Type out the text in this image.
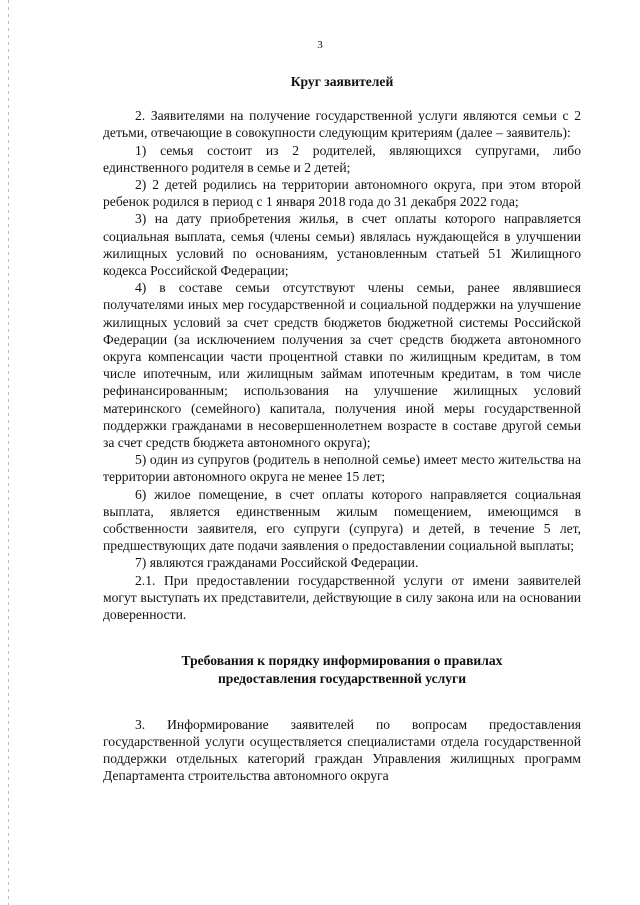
3
Круг заявителей

2. Заявителями на получение государственной услуги являются семьи с 2 детьми, отвечающие в совокупности следующим критериям (далее – заявитель):

1) семья состоит из 2 родителей, являющихся супругами, либо единственного родителя в семье и 2 детей;

2) 2 детей родились на территории автономного округа, при этом второй ребенок родился в период с 1 января 2018 года до 31 декабря 2022 года;

3) на дату приобретения жилья, в счет оплаты которого направляется социальная выплата, семья (члены семьи) являлась нуждающейся в улучшении жилищных условий по основаниям, установленным статьей 51 Жилищного кодекса Российской Федерации;

4) в составе семьи отсутствуют члены семьи, ранее являвшиеся получателями иных мер государственной и социальной поддержки на улучшение жилищных условий за счет средств бюджетов бюджетной системы Российской Федерации (за исключением получения за счет средств бюджета автономного округа компенсации части процентной ставки по жилищным кредитам, в том числе ипотечным, или жилищным займам ипотечным кредитам, в том числе рефинансированным; использования на улучшение жилищных условий материнского (семейного) капитала, получения иной меры государственной поддержки гражданами в несовершеннолетнем возрасте в составе другой семьи за счет средств бюджета автономного округа);

5) один из супругов (родитель в неполной семье) имеет место жительства на территории автономного округа не менее 15 лет;

6) жилое помещение, в счет оплаты которого направляется социальная выплата, является единственным жилым помещением, имеющимся в собственности заявителя, его супруги (супруга) и детей, в течение 5 лет, предшествующих дате подачи заявления о предоставлении социальной выплаты;

7) являются гражданами Российской Федерации.

2.1. При предоставлении государственной услуги от имени заявителей могут выступать их представители, действующие в силу закона или на основании доверенности.

Требования к порядку информирования о правилах
предоставления государственной услуги

3. Информирование заявителей по вопросам предоставления государственной услуги осуществляется специалистами отдела государственной поддержки отдельных категорий граждан Управления жилищных программ Департамента строительства автономного округа
